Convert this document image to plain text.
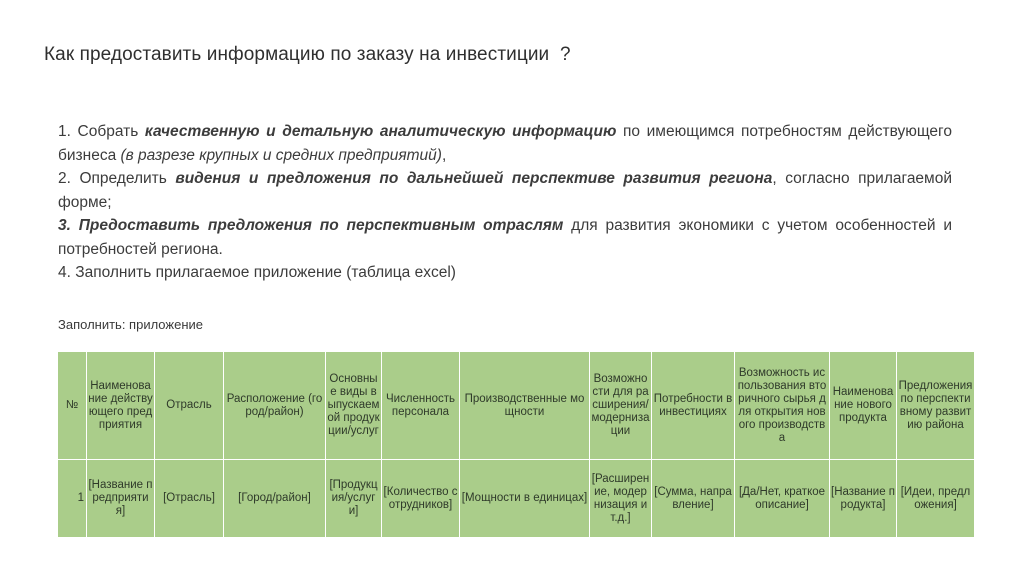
Как предоставить информацию по заказу на инвестиции  ?
1. Собрать качественную и детальную аналитическую информацию по имеющимся потребностям действующего бизнеса (в разрезе крупных и средних предприятий),
2. Определить видения и предложения по дальнейшей перспективе развития региона, согласно прилагаемой форме;
3. Предоставить предложения по перспективным отраслям для развития экономики с учетом особенностей и потребностей региона.
4. Заполнить прилагаемое приложение (таблица excel)
Заполнить: приложение
№	Наименование действующего предприятия	Отрасль	Расположение (город/район)	Основные виды выпускаемой продукции/услуг	Численность персонала	Производственные мощности	Возможности для расширения/модернизации	Потребности в инвестициях	Возможность использования вторичного сырья для открытия нового производства	Наименование нового продукта	Предложения по перспективному развитию района
1	[Название предприятия]	[Отрасль]	[Город/район]	[Продукция/услуги]	[Количество сотрудников]	[Мощности в единицах]	[Расширение, модернизация и т.д.]	[Сумма, направление]	[Да/Нет, краткое описание]	[Название продукта]	[Идеи, предложения]
